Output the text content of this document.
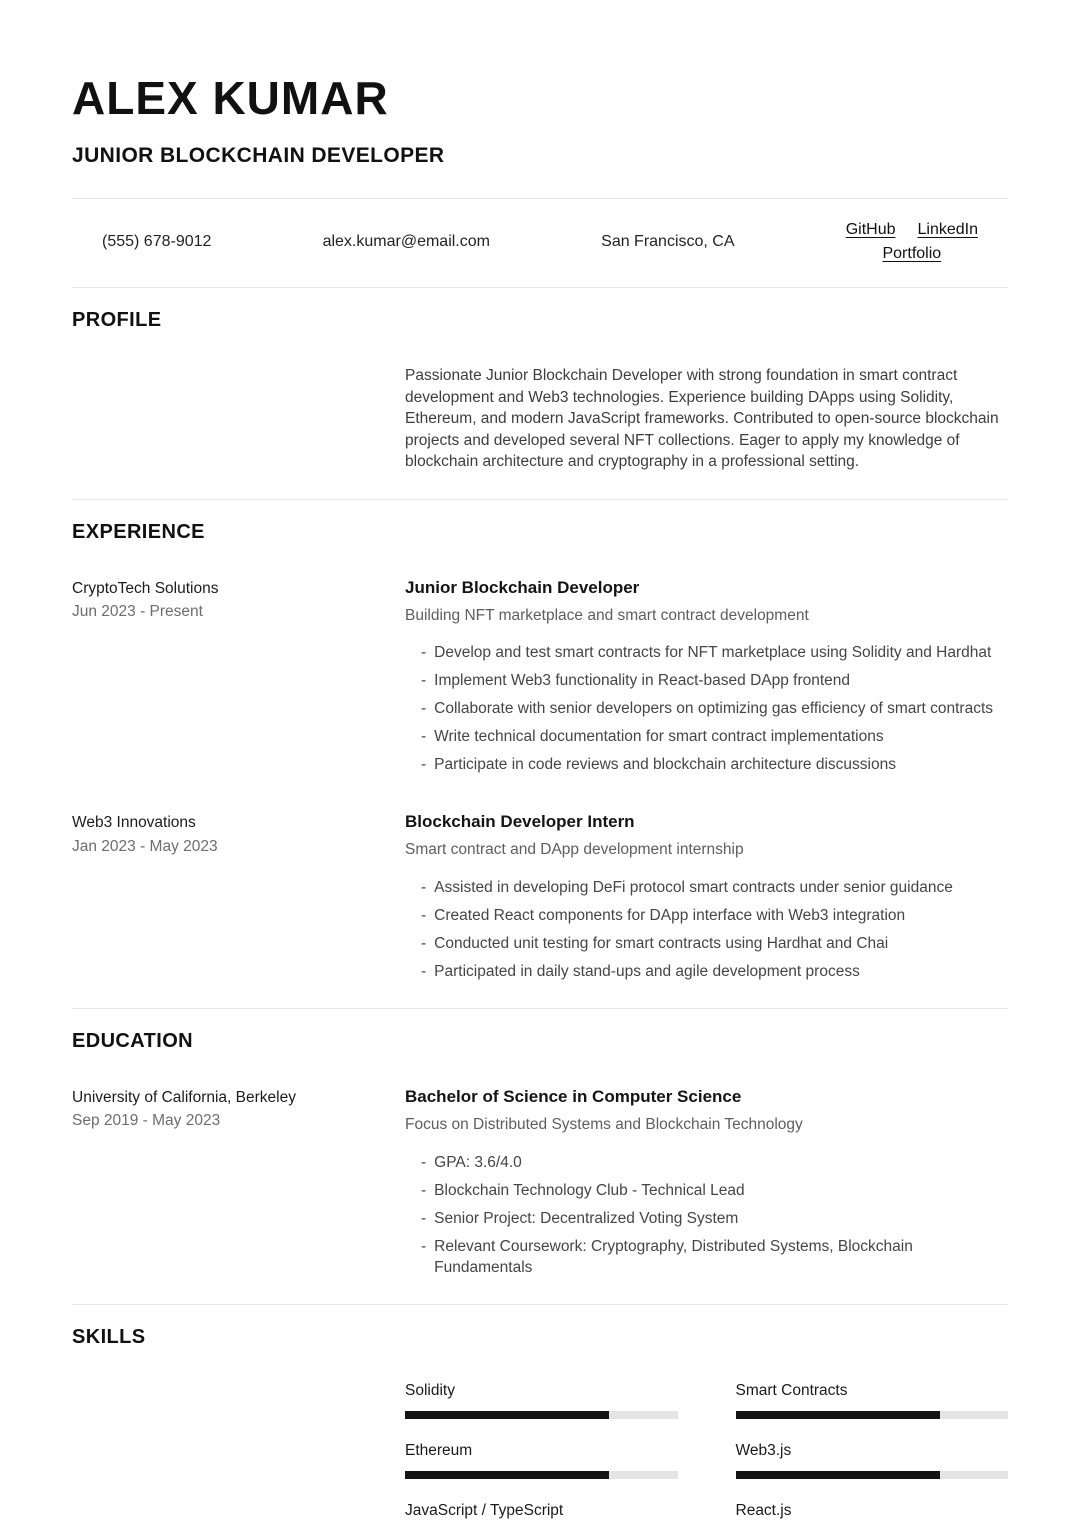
ALEX KUMAR
JUNIOR BLOCKCHAIN DEVELOPER
(555) 678-9012	alex.kumar@email.com	San Francisco, CA
GitHub LinkedIn
Portfolio
PROFILE
Passionate Junior Blockchain Developer with strong foundation in smart contract development and Web3 technologies. Experience building DApps using Solidity, Ethereum, and modern JavaScript frameworks. Contributed to open-source blockchain projects and developed several NFT collections. Eager to apply my knowledge of blockchain architecture and cryptography in a professional setting.
EXPERIENCE
CryptoTech Solutions
Jun 2023 - Present
Junior Blockchain Developer
Building NFT marketplace and smart contract development
- Develop and test smart contracts for NFT marketplace using Solidity and Hardhat
- Implement Web3 functionality in React-based DApp frontend
- Collaborate with senior developers on optimizing gas efficiency of smart contracts
- Write technical documentation for smart contract implementations
- Participate in code reviews and blockchain architecture discussions
Web3 Innovations
Jan 2023 - May 2023
Blockchain Developer Intern
Smart contract and DApp development internship
- Assisted in developing DeFi protocol smart contracts under senior guidance
- Created React components for DApp interface with Web3 integration
- Conducted unit testing for smart contracts using Hardhat and Chai
- Participated in daily stand-ups and agile development process
EDUCATION
University of California, Berkeley
Sep 2019 - May 2023
Bachelor of Science in Computer Science
Focus on Distributed Systems and Blockchain Technology
- GPA: 3.6/4.0
- Blockchain Technology Club - Technical Lead
- Senior Project: Decentralized Voting System
- Relevant Coursework: Cryptography, Distributed Systems, Blockchain Fundamentals
SKILLS
Solidity	Smart Contracts
Ethereum	Web3.js
JavaScript / TypeScript	React.js
